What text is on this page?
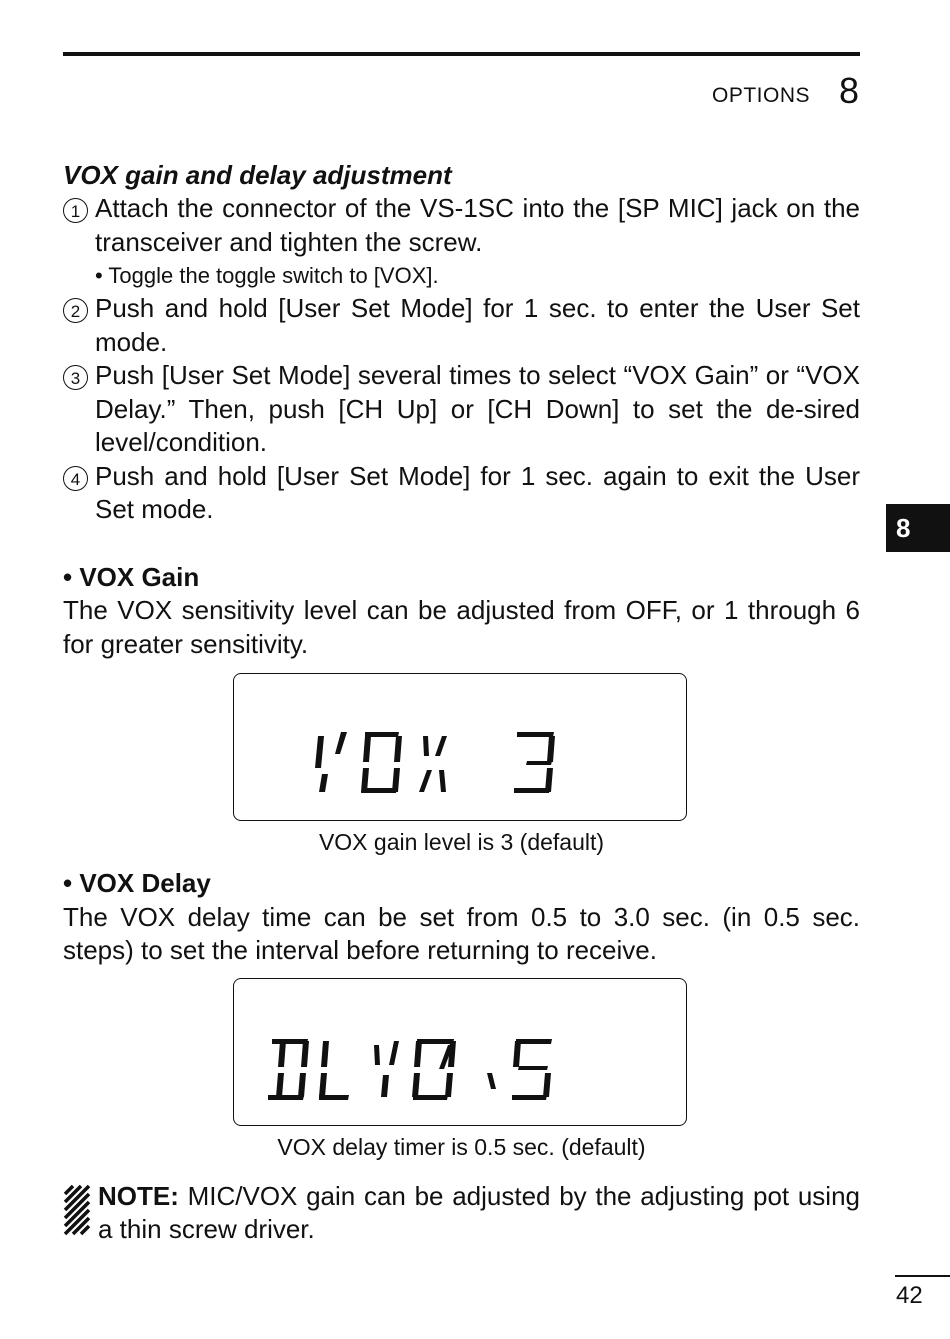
OPTIONS 8
VOX gain and delay adjustment
1 Attach the connector of the VS-1SC into the [SP MIC] jack on the transceiver and tighten the screw.
• Toggle the toggle switch to [VOX].
2 Push and hold [User Set Mode] for 1 sec. to enter the User Set mode.
3 Push [User Set Mode] several times to select “VOX Gain” or “VOX Delay.” Then, push [CH Up] or [CH Down] to set the de-sired level/condition.
4 Push and hold [User Set Mode] for 1 sec. again to exit the User Set mode.
• VOX Gain
The VOX sensitivity level can be adjusted from OFF, or 1 through 6 for greater sensitivity.
VOX gain level is 3 (default)
• VOX Delay
The VOX delay time can be set from 0.5 to 3.0 sec. (in 0.5 sec. steps) to set the interval before returning to receive.
VOX delay timer is 0.5 sec. (default)
NOTE: MIC/VOX gain can be adjusted by the adjusting pot using a thin screw driver.
8
42
